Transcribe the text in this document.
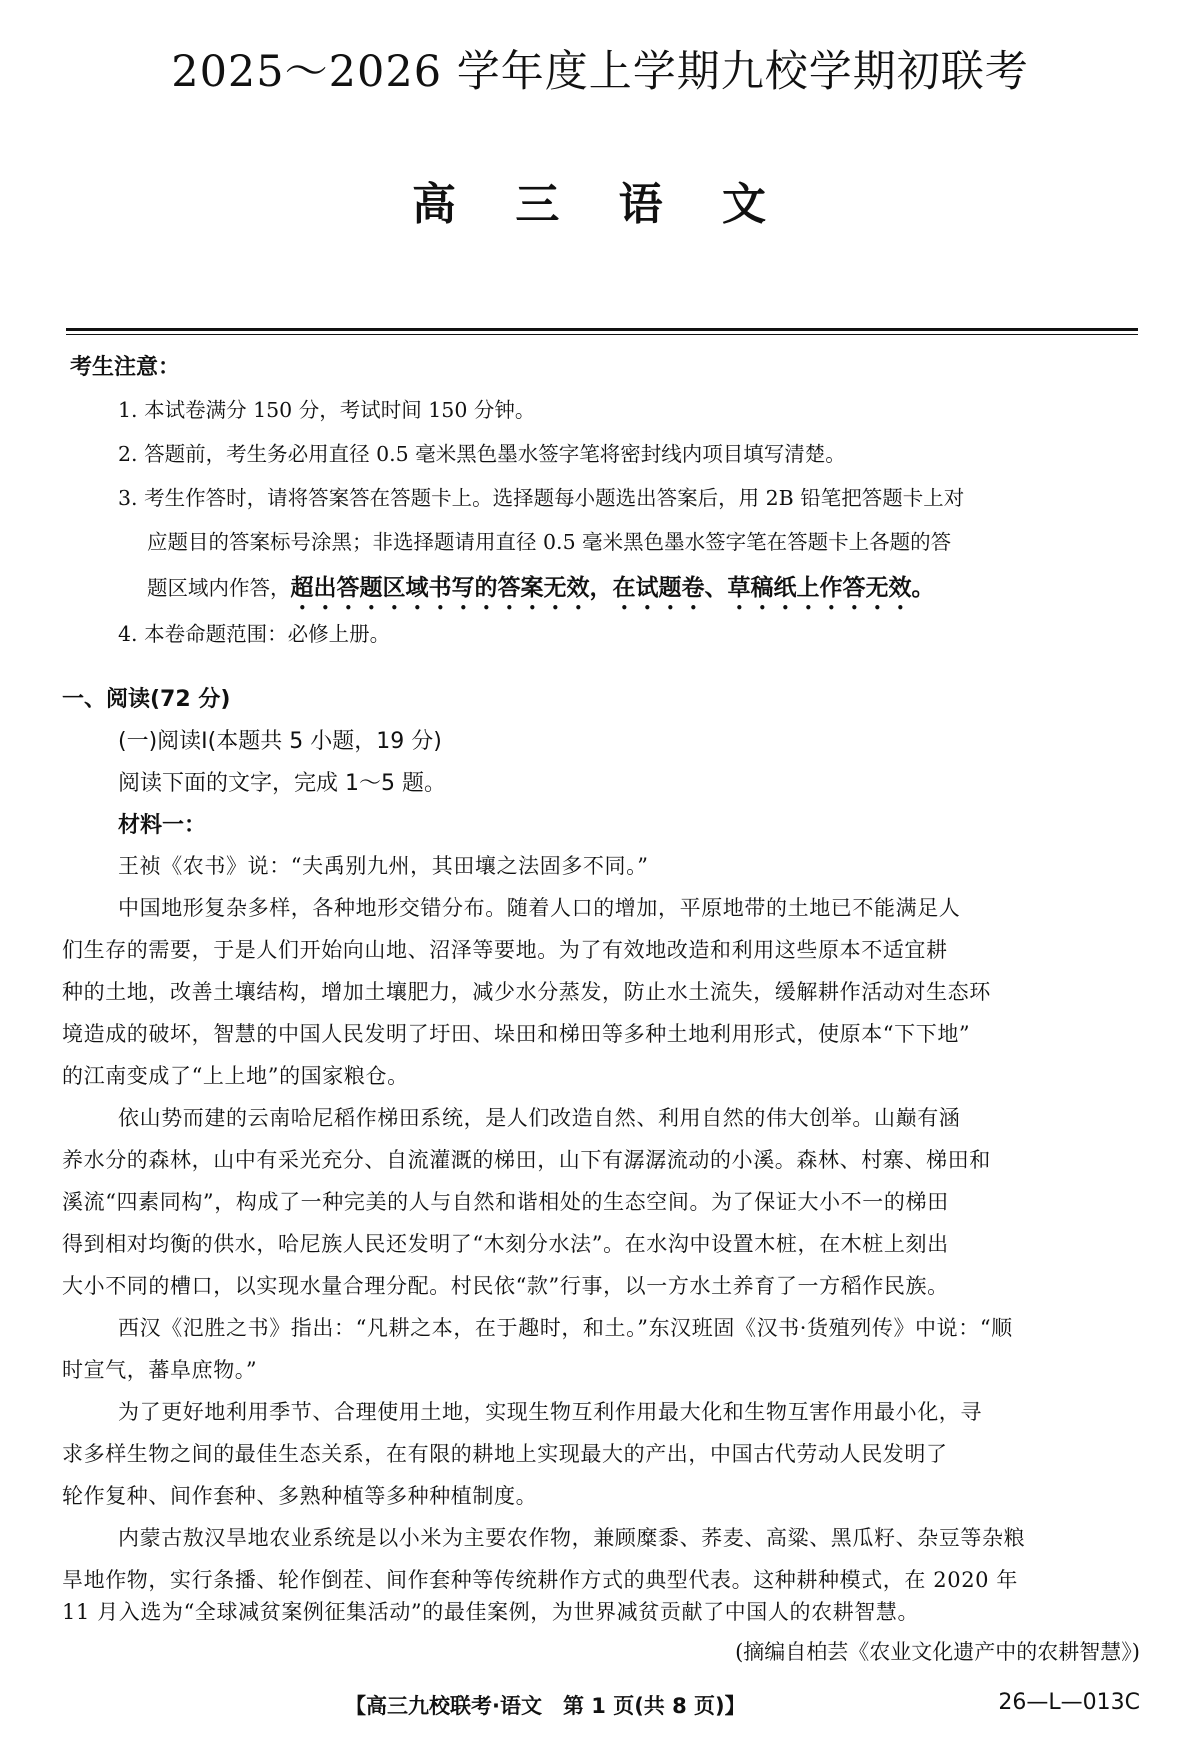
2025～2026 学年度上学期九校学期初联考
高 三 语 文
考生注意：
1. 本试卷满分 150 分，考试时间 150 分钟。
2. 答题前，考生务必用直径 0.5 毫米黑色墨水签字笔将密封线内项目填写清楚。
3. 考生作答时，请将答案答在答题卡上。选择题每小题选出答案后，用 2B 铅笔把答题卡上对
应题目的答案标号涂黑；非选择题请用直径 0.5 毫米黑色墨水签字笔在答题卡上各题的答
题区域内作答，超出答题区域书写的答案无效，在试题卷、草稿纸上作答无效。
4. 本卷命题范围：必修上册。
一、阅读(72 分)
(一)阅读Ⅰ(本题共 5 小题，19 分)
阅读下面的文字，完成 1～5 题。
材料一：
王祯《农书》说：“夫禹别九州，其田壤之法固多不同。”
中国地形复杂多样，各种地形交错分布。随着人口的增加，平原地带的土地已不能满足人
们生存的需要，于是人们开始向山地、沼泽等要地。为了有效地改造和利用这些原本不适宜耕
种的土地，改善土壤结构，增加土壤肥力，减少水分蒸发，防止水土流失，缓解耕作活动对生态环
境造成的破坏，智慧的中国人民发明了圩田、垛田和梯田等多种土地利用形式，使原本“下下地”
的江南变成了“上上地”的国家粮仓。
依山势而建的云南哈尼稻作梯田系统，是人们改造自然、利用自然的伟大创举。山巅有涵
养水分的森林，山中有采光充分、自流灌溉的梯田，山下有潺潺流动的小溪。森林、村寨、梯田和
溪流“四素同构”，构成了一种完美的人与自然和谐相处的生态空间。为了保证大小不一的梯田
得到相对均衡的供水，哈尼族人民还发明了“木刻分水法”。在水沟中设置木桩，在木桩上刻出
大小不同的槽口，以实现水量合理分配。村民依“款”行事，以一方水土养育了一方稻作民族。
西汉《氾胜之书》指出：“凡耕之本，在于趣时，和土。”东汉班固《汉书·货殖列传》中说：“顺
时宣气，蕃阜庶物。”
为了更好地利用季节、合理使用土地，实现生物互利作用最大化和生物互害作用最小化，寻
求多样生物之间的最佳生态关系，在有限的耕地上实现最大的产出，中国古代劳动人民发明了
轮作复种、间作套种、多熟种植等多种种植制度。
内蒙古敖汉旱地农业系统是以小米为主要农作物，兼顾糜黍、荞麦、高粱、黑瓜籽、杂豆等杂粮
旱地作物，实行条播、轮作倒茬、间作套种等传统耕作方式的典型代表。这种耕种模式，在 2020 年
11 月入选为“全球减贫案例征集活动”的最佳案例，为世界减贫贡献了中国人的农耕智慧。
(摘编自柏芸《农业文化遗产中的农耕智慧》)
【高三九校联考·语文　第 1 页(共 8 页)】	26—L—013C
